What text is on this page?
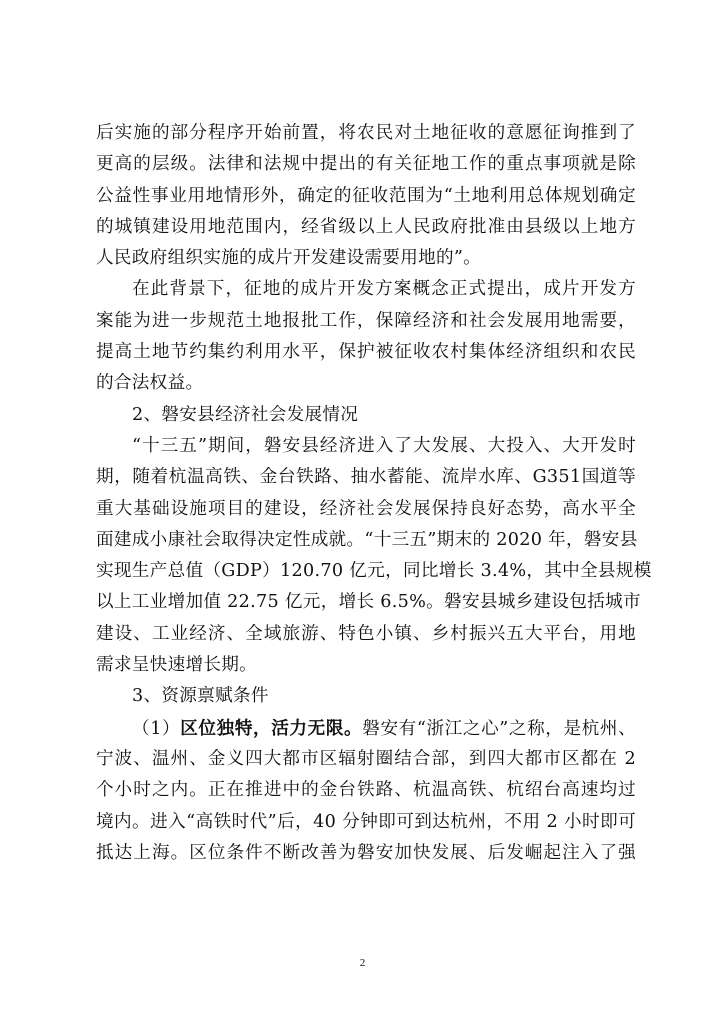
后实施的部分程序开始前置，将农民对土地征收的意愿征询推到了
更高的层级。法律和法规中提出的有关征地工作的重点事项就是除
公益性事业用地情形外，确定的征收范围为“土地利用总体规划确定
的城镇建设用地范围内，经省级以上人民政府批准由县级以上地方
人民政府组织实施的成片开发建设需要用地的”。
在此背景下，征地的成片开发方案概念正式提出，成片开发方
案能为进一步规范土地报批工作，保障经济和社会发展用地需要，
提高土地节约集约利用水平，保护被征收农村集体经济组织和农民
的合法权益。
2、磐安县经济社会发展情况
“十三五”期间，磐安县经济进入了大发展、大投入、大开发时
期，随着杭温高铁、金台铁路、抽水蓄能、流岸水库、G351国道等
重大基础设施项目的建设，经济社会发展保持良好态势，高水平全
面建成小康社会取得决定性成就。“十三五”期末的 2020 年，磐安县
实现生产总值（GDP）120.70 亿元，同比增长 3.4%，其中全县规模
以上工业增加值 22.75 亿元，增长 6.5%。磐安县城乡建设包括城市
建设、工业经济、全域旅游、特色小镇、乡村振兴五大平台，用地
需求呈快速增长期。
3、资源禀赋条件
（1）区位独特，活力无限。磐安有“浙江之心”之称，是杭州、
宁波、温州、金义四大都市区辐射圈结合部，到四大都市区都在 2
个小时之内。正在推进中的金台铁路、杭温高铁、杭绍台高速均过
境内。进入“高铁时代”后，40 分钟即可到达杭州，不用 2 小时即可
抵达上海。区位条件不断改善为磐安加快发展、后发崛起注入了强
2
